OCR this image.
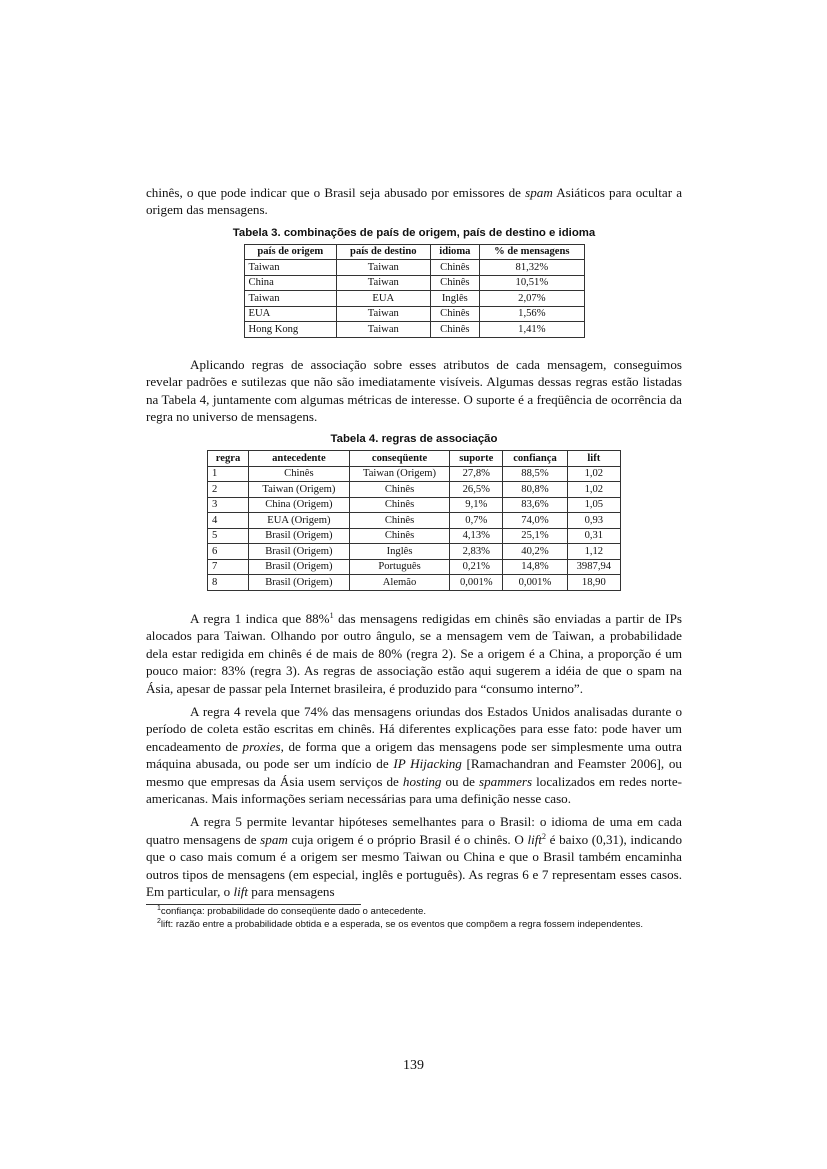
chinês, o que pode indicar que o Brasil seja abusado por emissores de spam Asiáticos para ocultar a origem das mensagens.

Tabela 3. combinações de país de origem, país de destino e idioma
país de origem	país de destino	idioma	% de mensagens
Taiwan	Taiwan	Chinês	81,32%
China	Taiwan	Chinês	10,51%
Taiwan	EUA	Inglês	2,07%
EUA	Taiwan	Chinês	1,56%
Hong Kong	Taiwan	Chinês	1,41%

Aplicando regras de associação sobre esses atributos de cada mensagem, conseguimos revelar padrões e sutilezas que não são imediatamente visíveis. Algumas dessas regras estão listadas na Tabela 4, juntamente com algumas métricas de interesse. O suporte é a freqüência de ocorrência da regra no universo de mensagens.

Tabela 4. regras de associação
regra	antecedente	conseqüente	suporte	confiança	lift
1	Chinês	Taiwan (Origem)	27,8%	88,5%	1,02
2	Taiwan (Origem)	Chinês	26,5%	80,8%	1,02
3	China (Origem)	Chinês	9,1%	83,6%	1,05
4	EUA (Origem)	Chinês	0,7%	74,0%	0,93
5	Brasil (Origem)	Chinês	4,13%	25,1%	0,31
6	Brasil (Origem)	Inglês	2,83%	40,2%	1,12
7	Brasil (Origem)	Português	0,21%	14,8%	3987,94
8	Brasil (Origem)	Alemão	0,001%	0,001%	18,90

A regra 1 indica que 88%$^1$ das mensagens redigidas em chinês são enviadas a partir de IPs alocados para Taiwan. Olhando por outro ângulo, se a mensagem vem de Taiwan, a probabilidade dela estar redigida em chinês é de mais de 80% (regra 2). Se a origem é a China, a proporção é um pouco maior: 83% (regra 3). As regras de associação estão aqui sugerem a idéia de que o spam na Ásia, apesar de passar pela Internet brasileira, é produzido para “consumo interno”.

A regra 4 revela que 74% das mensagens oriundas dos Estados Unidos analisadas durante o período de coleta estão escritas em chinês. Há diferentes explicações para esse fato: pode haver um encadeamento de proxies, de forma que a origem das mensagens pode ser simplesmente uma outra máquina abusada, ou pode ser um indício de IP Hijacking [Ramachandran and Feamster 2006], ou mesmo que empresas da Ásia usem serviços de hosting ou de spammers localizados em redes norte-americanas. Mais informações seriam necessárias para uma definição nesse caso.

A regra 5 permite levantar hipóteses semelhantes para o Brasil: o idioma de uma em cada quatro mensagens de spam cuja origem é o próprio Brasil é o chinês. O lift$^2$ é baixo (0,31), indicando que o caso mais comum é a origem ser mesmo Taiwan ou China e que o Brasil também encaminha outros tipos de mensagens (em especial, inglês e português). As regras 6 e 7 representam esses casos. Em particular, o lift para mensagens

$^1$confiança: probabilidade do conseqüente dado o antecedente.

$^2$lift: razão entre a probabilidade obtida e a esperada, se os eventos que compõem a regra fossem independentes.

139
